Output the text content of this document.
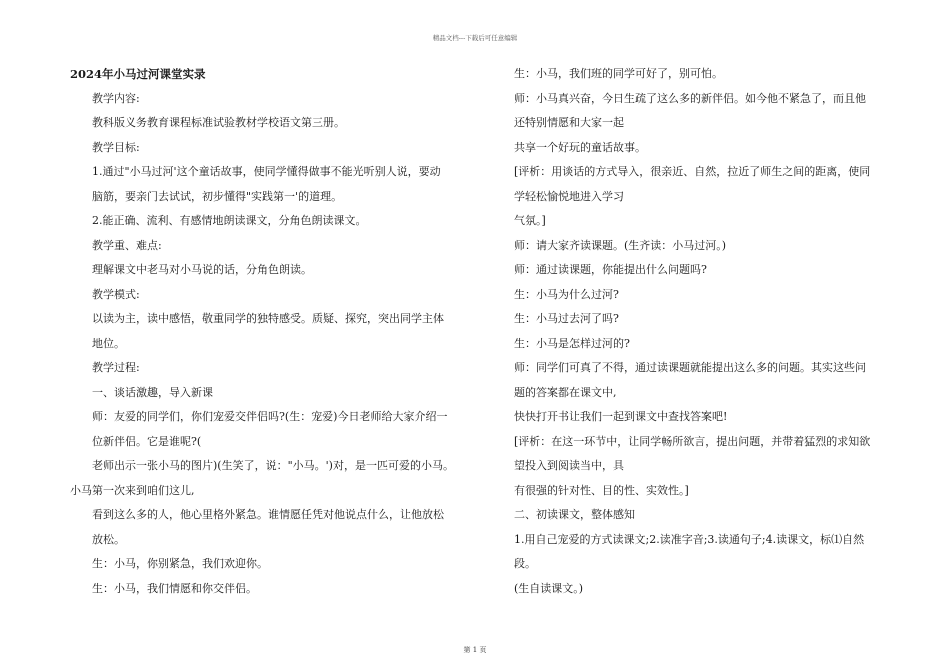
精品文档---下载后可任意编辑

2024年小马过河课堂实录

教学内容:

教科版义务教育课程标准试验教材学校语文第三册。

教学目标:

1.通过"小马过河'这个童话故事，使同学懂得做事不能光听别人说，要动

脑筋，要亲门去试试，初步懂得"实践第一'的道理。

2.能正确、流利、有感情地朗读课文，分角色朗读课文。

教学重、难点:

理解课文中老马对小马说的话，分角色朗读。

教学模式:

以读为主，读中感悟，敬重同学的独特感受。质疑、探究，突出同学主体

地位。

教学过程:

一、谈话激趣，导入新课

师：友爱的同学们，你们宠爱交伴侣吗?(生：宠爱)今日老师给大家介绍一

位新伴侣。它是谁呢?(

老师出示一张小马的图片)(生笑了，说："小马。')对，是一匹可爱的小马。

小马第一次来到咱们这儿,

看到这么多的人，他心里格外紧急。谁情愿任凭对他说点什么，让他放松

放松。

生：小马，你别紧急，我们欢迎你。

生：小马，我们情愿和你交伴侣。

生：小马，我们班的同学可好了，别可怕。

师：小马真兴奋，今日生疏了这么多的新伴侣。如今他不紧急了，而且他

还特别情愿和大家一起

共享一个好玩的童话故事。

[评析：用谈话的方式导入，很亲近、自然，拉近了师生之间的距离，使同

学轻松愉悦地进入学习

气氛。]

师：请大家齐读课题。(生齐读：小马过河。)

师：通过读课题，你能提出什么问题吗?

生：小马为什么过河?

生：小马过去河了吗?

生：小马是怎样过河的?

师：同学们可真了不得，通过读课题就能提出这么多的问题。其实这些问

题的答案都在课文中,

快快打开书让我们一起到课文中查找答案吧!

[评析：在这一环节中，让同学畅所欲言，提出问题，并带着猛烈的求知欲

望投入到阅读当中，具

有很强的针对性、目的性、实效性。]

二、初读课文，整体感知

1.用自己宠爱的方式读课文;2.读准字音;3.读通句子;4.读课文，标⑴自然

段。

(生自读课文。)

第 1 页
